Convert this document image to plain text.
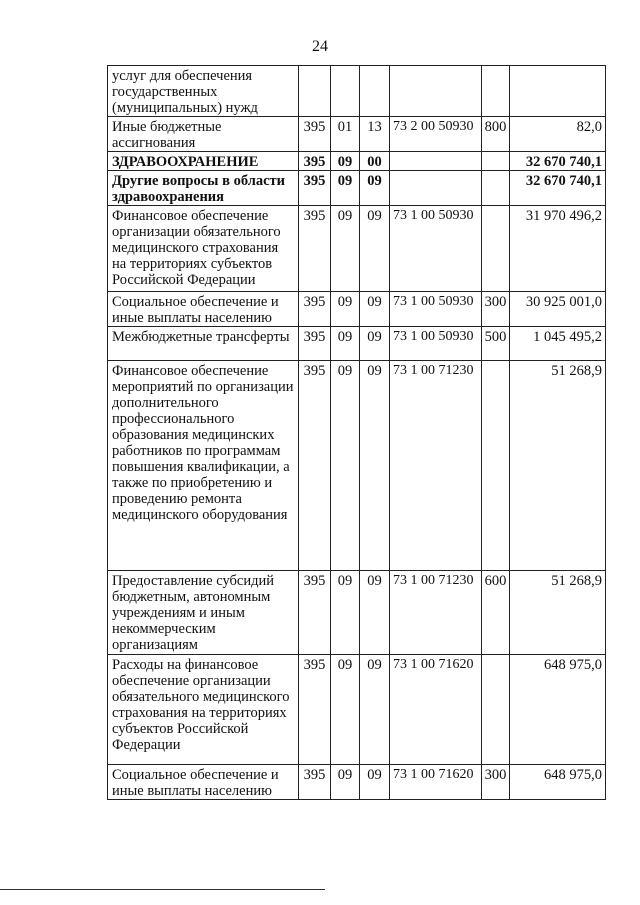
24
услуг для обеспечения государственных (муниципальных) нужд						
Иные бюджетные ассигнования	395	01	13	73 2 00 50930	800	82,0
ЗДРАВООХРАНЕНИЕ	395	09	00			32 670 740,1
Другие вопросы в области здравоохранения	395	09	09			32 670 740,1
Финансовое обеспечение организации обязательного медицинского страхования на территориях субъектов Российской Федерации	395	09	09	73 1 00 50930		31 970 496,2
Социальное обеспечение и иные выплаты населению	395	09	09	73 1 00 50930	300	30 925 001,0
Межбюджетные трансферты	395	09	09	73 1 00 50930	500	1 045 495,2
Финансовое обеспечение мероприятий по организации дополнительного профессионального образования медицинских работников по программам повышения квалификации, а также по приобретению и проведению ремонта медицинского оборудования	395	09	09	73 1 00 71230		51 268,9
Предоставление субсидий бюджетным, автономным учреждениям и иным некоммерческим организациям	395	09	09	73 1 00 71230	600	51 268,9
Расходы на финансовое обеспечение организации обязательного медицинского страхования на территориях субъектов Российской Федерации	395	09	09	73 1 00 71620		648 975,0
Социальное обеспечение и иные выплаты населению	395	09	09	73 1 00 71620	300	648 975,0
